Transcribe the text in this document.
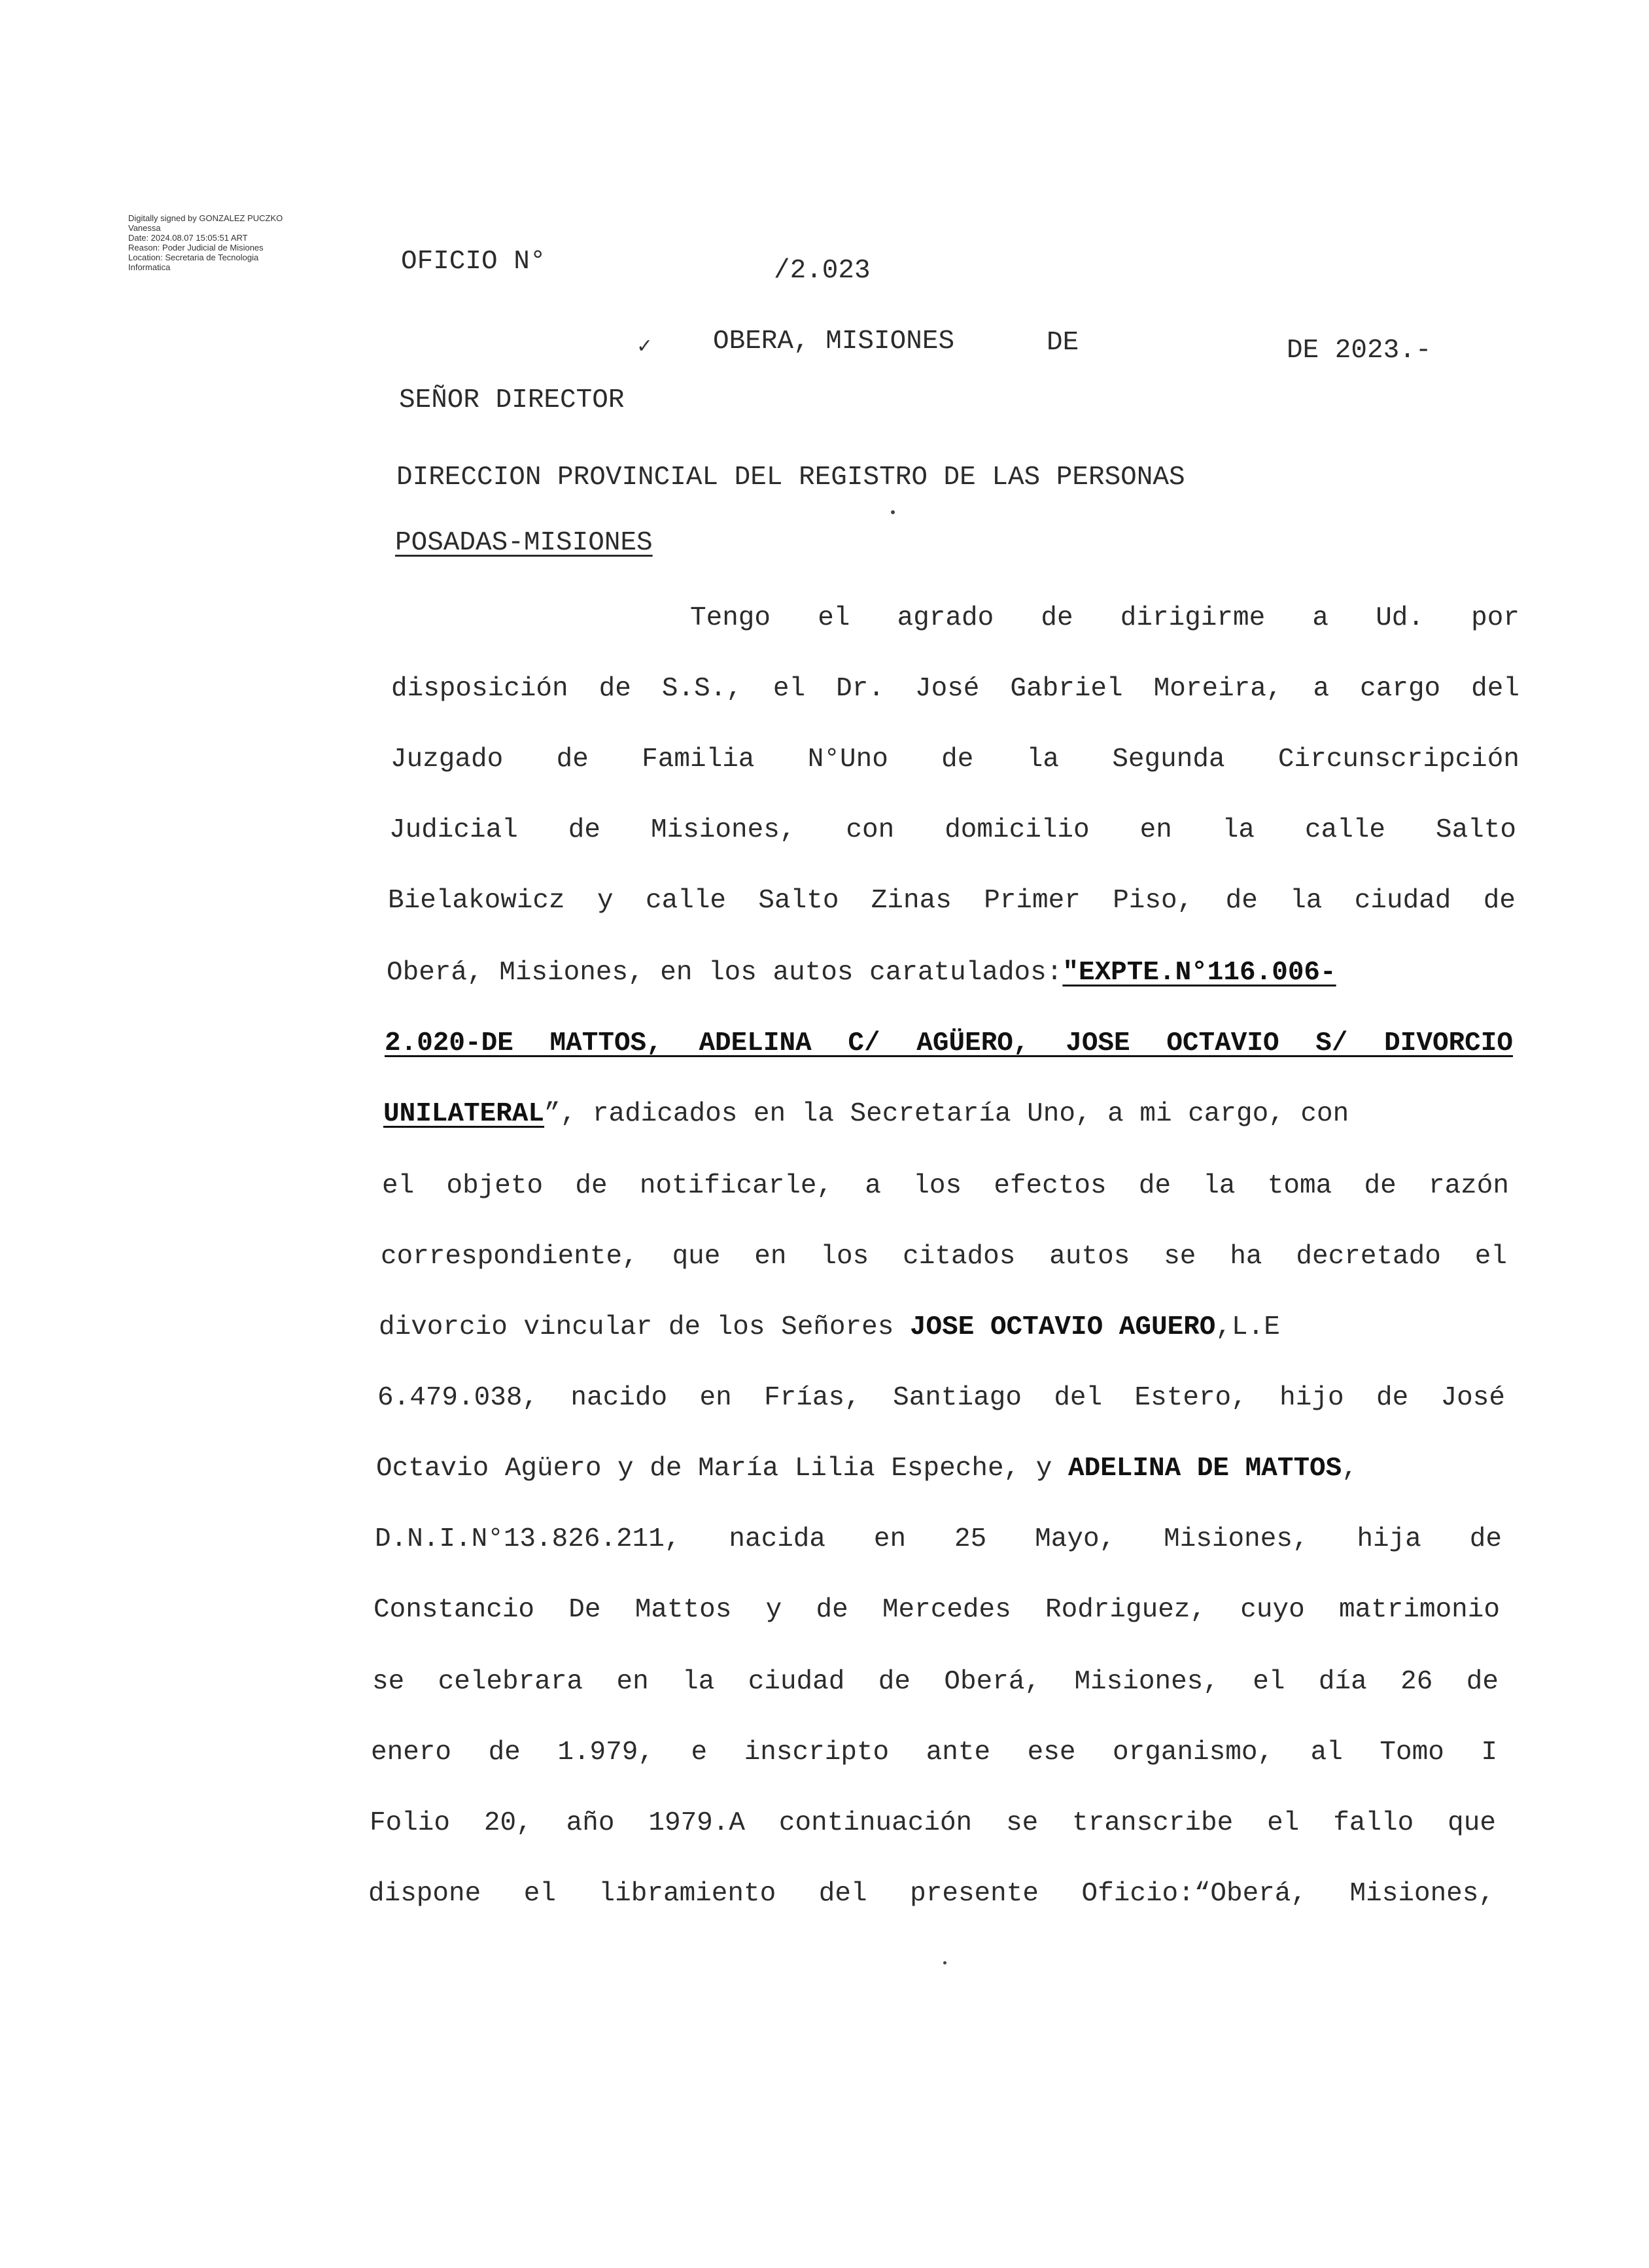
Digitally signed by GONZALEZ PUCZKO
Vanessa
Date: 2024.08.07 15:05:51 ART
Reason: Poder Judicial de Misiones
Location: Secretaria de Tecnologia
Informatica	OFICIO N°	/2.023
✓ OBERA, MISIONES	DE	DE 2023.-
SEÑOR DIRECTOR
DIRECCION PROVINCIAL DEL REGISTRO DE LAS PERSONAS
POSADAS-MISIONES
Tengo el agrado de dirigirme a Ud. por
disposición de S.S., el Dr. José Gabriel Moreira, a cargo del
Juzgado de Familia N°Uno de la Segunda Circunscripción
Judicial de Misiones, con domicilio en la calle Salto
Bielakowicz y calle Salto Zinas Primer Piso, de la ciudad de
Oberá, Misiones, en los autos caratulados:"EXPTE.N°116.006-
2.020-DE MATTOS, ADELINA C/ AGÜERO, JOSE OCTAVIO S/ DIVORCIO
UNILATERAL”, radicados en la Secretaría Uno, a mi cargo, con
el objeto de notificarle, a los efectos de la toma de razón
correspondiente, que en los citados autos se ha decretado el
divorcio vincular de los Señores JOSE OCTAVIO AGUERO,L.E
6.479.038, nacido en Frías, Santiago del Estero, hijo de José
Octavio Agüero y de María Lilia Espeche, y ADELINA DE MATTOS,
D.N.I.N°13.826.211, nacida en 25 Mayo, Misiones, hija de
Constancio De Mattos y de Mercedes Rodriguez, cuyo matrimonio
se celebrara en la ciudad de Oberá, Misiones, el día 26 de
enero de 1.979, e inscripto ante ese organismo, al Tomo I
Folio 20, año 1979.A continuación se transcribe el fallo que
dispone el libramiento del presente Oficio:“Oberá, Misiones,
